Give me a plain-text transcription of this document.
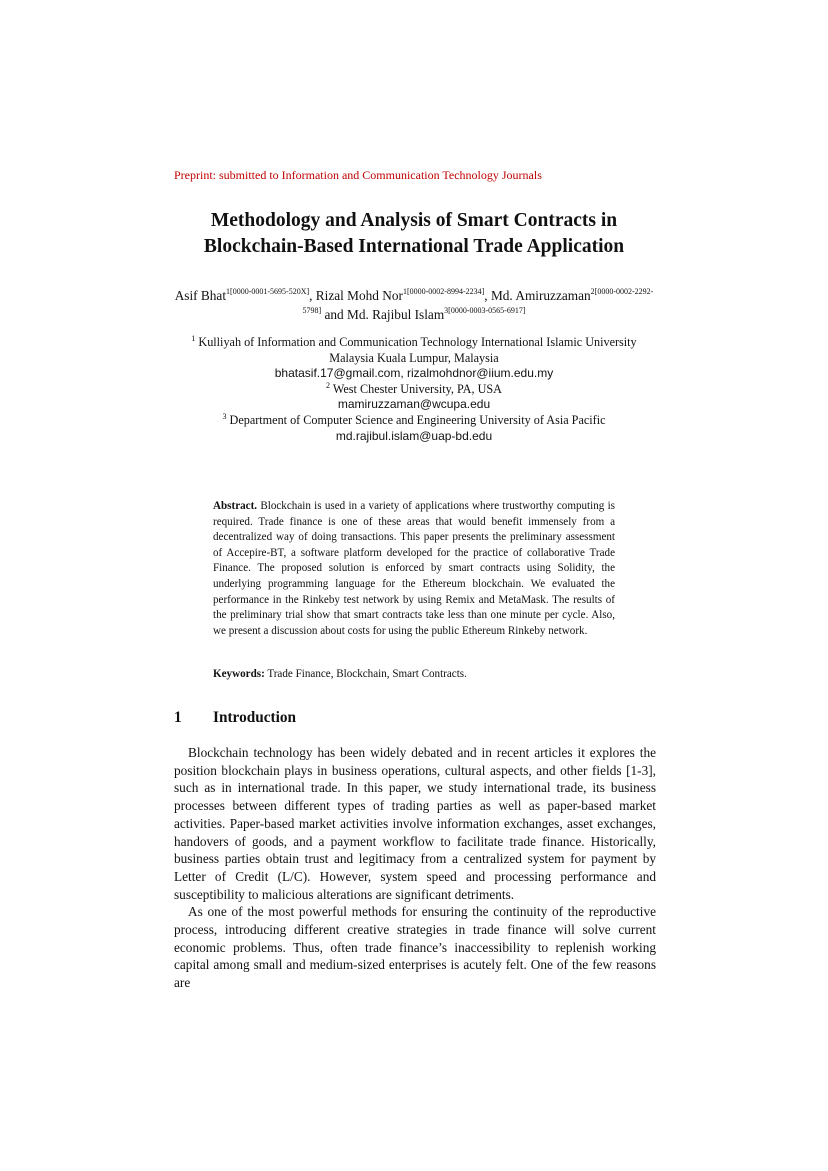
Preprint: submitted to Information and Communication Technology Journals
Methodology and Analysis of Smart Contracts in
Blockchain-Based International Trade Application
Asif Bhat$^{1[0000-0001-5695-520X]}$, Rizal Mohd Nor$^{1[0000-0002-8994-2234]}$, Md. Amiruzzaman$^{2[0000-0002-2292-5798]}$ and Md. Rajibul Islam$^{3[0000-0003-0565-6917]}$
$^1$ Kulliyah of Information and Communication Technology International Islamic University
Malaysia Kuala Lumpur, Malaysia
bhatasif.17@gmail.com, rizalmohdnor@iium.edu.my
$^2$ West Chester University, PA, USA
mamiruzzaman@wcupa.edu
$^3$ Department of Computer Science and Engineering University of Asia Pacific
md.rajibul.islam@uap-bd.edu
Abstract. Blockchain is used in a variety of applications where trustworthy computing is required. Trade finance is one of these areas that would benefit immensely from a decentralized way of doing transactions. This paper presents the preliminary assessment of Accepire-BT, a software platform developed for the practice of collaborative Trade Finance. The proposed solution is enforced by smart contracts using Solidity, the underlying programming language for the Ethereum blockchain. We evaluated the performance in the Rinkeby test network by using Remix and MetaMask. The results of the preliminary trial show that smart contracts take less than one minute per cycle. Also, we present a discussion about costs for using the public Ethereum Rinkeby network.
Keywords: Trade Finance, Blockchain, Smart Contracts.
1 Introduction

Blockchain technology has been widely debated and in recent articles it explores the position blockchain plays in business operations, cultural aspects, and other fields [1-3], such as in international trade. In this paper, we study international trade, its business processes between different types of trading parties as well as paper-based market activities. Paper-based market activities involve information exchanges, asset exchanges, handovers of goods, and a payment workflow to facilitate trade finance. Historically, business parties obtain trust and legitimacy from a centralized system for payment by Letter of Credit (L/C). However, system speed and processing performance and susceptibility to malicious alterations are significant detriments.

As one of the most powerful methods for ensuring the continuity of the reproductive process, introducing different creative strategies in trade finance will solve current economic problems. Thus, often trade finance’s inaccessibility to replenish working capital among small and medium-sized enterprises is acutely felt. One of the few reasons are
